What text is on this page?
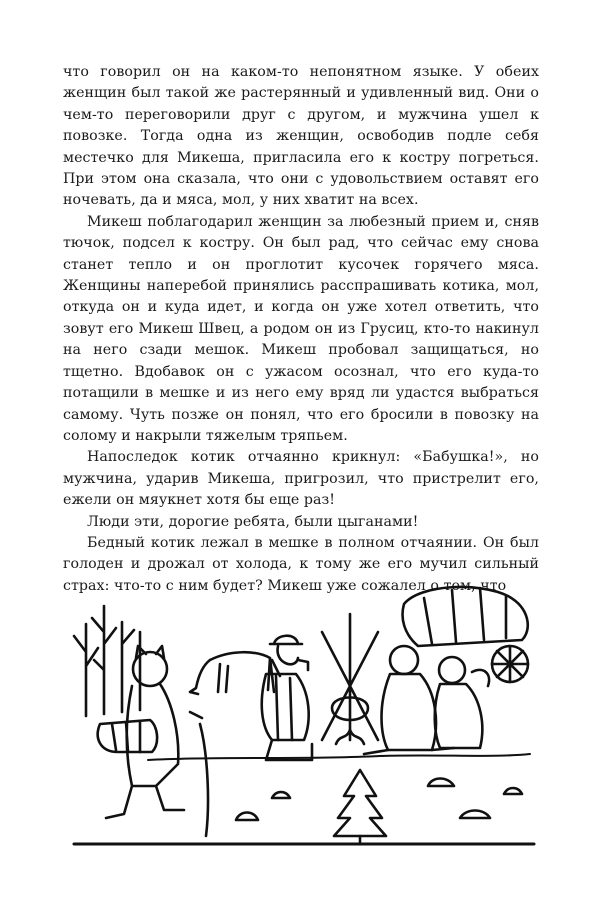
что говорил он на каком-то непонятном языке. У обеих женщин был такой же растерянный и удивленный вид. Они о чем-то переговорили друг с другом, и мужчина ушел к повозке. Тогда одна из женщин, освободив подле себя местечко для Микеша, пригласила его к костру погреться. При этом она сказала, что они с удовольствием оставят его ночевать, да и мяса, мол, у них хватит на всех.

Микеш поблагодарил женщин за любезный прием и, сняв тючок, подсел к костру. Он был рад, что сейчас ему снова станет тепло и он проглотит кусочек горячего мяса. Женщины наперебой принялись расспрашивать котика, мол, откуда он и куда идет, и когда он уже хотел ответить, что зовут его Микеш Швец, а родом он из Грусиц, кто-то накинул на него сзади мешок. Микеш пробовал защищаться, но тщетно. Вдобавок он с ужасом осознал, что его куда-то потащили в мешке и из него ему вряд ли удастся выбраться самому. Чуть позже он понял, что его бросили в повозку на солому и накрыли тяжелым тряпьем.

Напоследок котик отчаянно крикнул: «Бабушка!», но мужчина, ударив Микеша, пригрозил, что пристрелит его, ежели он мяукнет хотя бы еще раз!

Люди эти, дорогие ребята, были цыганами!

Бедный котик лежал в мешке в полном отчаянии. Он был голоден и дрожал от холода, к тому же его мучил сильный страх: что-то с ним будет? Микеш уже сожалел о том, что
